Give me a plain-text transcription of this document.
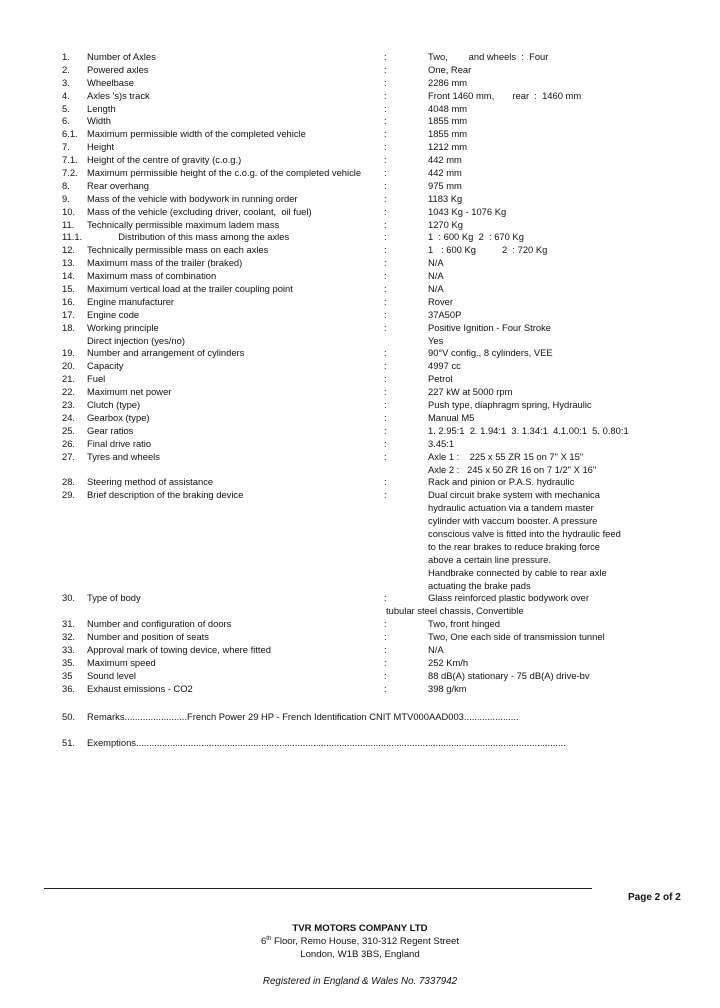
1. Number of Axles	:	Two,        and wheels  :  Four
2. Powered axles	:	One, Rear
3. Wheelbase	:	2286 mm
4. Axles 's)s track	:	Front 1460 mm,       rear  :  1460 mm
5. Length	:	4048 mm
6. Width	:	1855 mm
6.1. Maximum permissible width of the completed vehicle	:	1855 mm
7. Height	:	1212 mm
7.1. Height of the centre of gravity (c.o.g.)	:	442 mm
7.2. Maximum permissible height of the c.o.g. of the completed vehicle :	442 mm
8. Rear overhang	:	975 mm
9. Mass of the vehicle with bodywork in running order	:	1183 Kg
10. Mass of the vehicle (excluding driver, coolant,  oil fuel)	:	1043 Kg - 1076 Kg
11. Technically permissible maximum ladem mass	:	1270 Kg
11.1. Distribution of this mass among the axles	:	1  : 600 Kg  2  : 670 Kg
12. Technically permissible mass on each axles	:	1   : 600 Kg          2  : 720 Kg
13. Maximum mass of the trailer (braked)	:	N/A
14. Maximum mass of combination	:	N/A
15. Maximum vertical load at the trailer coupling point	:	N/A
16. Engine manufacturer	:	Rover
17. Engine code	:	37A50P
18. Working principle	:	Positive Ignition - Four Stroke
Direct injection (yes/no)	Yes
19. Number and arrangement of cylinders	:	90°V config., 8 cylinders, VEE
20. Capacity	:	4997 cc
21. Fuel	:	Petrol
22. Maximum net power	:	227 kW at 5000 rpm
23. Clutch (type)	:	Push type, diaphragm spring, Hydraulic
24. Gearbox (type)	:	Manual M5
25. Gear ratios	:	1. 2.95:1  2. 1.94:1  3. 1.34:1  4.1.00:1  5. 0.80:1
26. Final drive ratio	:	3.45:1
27. Tyres and wheels	:	Axle 1 :    225 x 55 ZR 15 on 7" X 15"
Axle 2 :   245 x 50 ZR 16 on 7 1/2" X 16"
28. Steering method of assistance	:	Rack and pinion or P.A.S. hydraulic
29. Brief description of the braking device	:	Dual circuit brake system with mechanica
hydraulic actuation via a tandem master
cylinder with vaccum booster. A pressure
conscious valve is fitted into the hydraulic feed
to the rear brakes to reduce braking force
above a certain line pressure.
Handbrake connected by cable to rear axle
actuating the brake pads
30. Type of body	:	Glass reinforced plastic bodywork over
tubular steel chassis, Convertible
31. Number and configuration of doors	:	Two, front hinged
32. Number and position of seats	:	Two, One each side of transmission tunnel
33. Approval mark of towing device, where fitted	:	N/A
35. Maximum speed	:	252 Km/h
35 Sound level	:	88 dB(A) stationary - 75 dB(A) drive-bv
36. Exhaust emissions - CO2	:	398 g/km
50. Remarks........................French Power 29 HP - French Identification CNIT MTV000AAD003.....................
51. Exemptions.....................................................................................................................................................................
Page 2 of 2
TVR MOTORS COMPANY LTD
6th Floor, Remo House, 310-312 Regent Street
London, W1B 3BS, England
Registered in England & Wales No. 7337942
